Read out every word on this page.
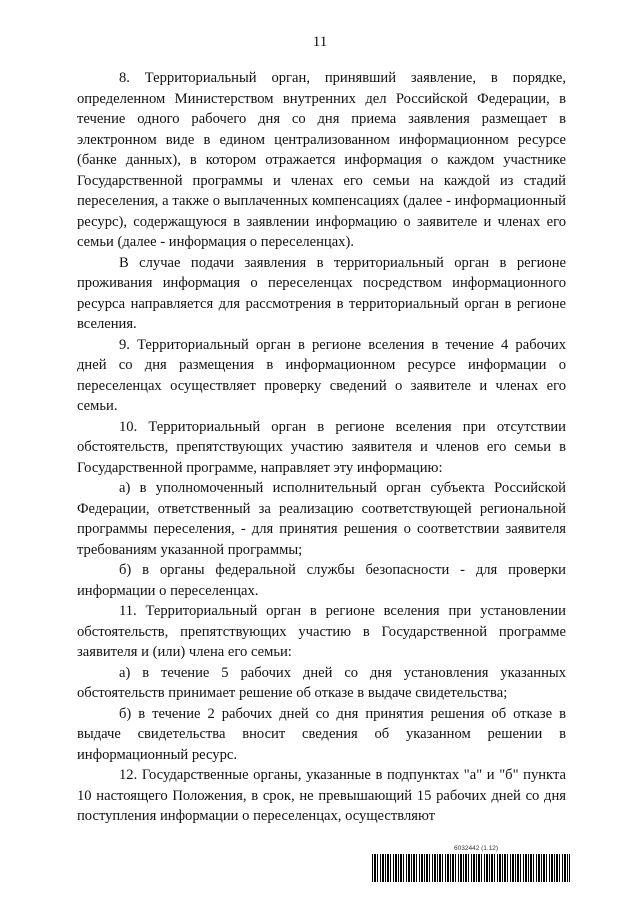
11

8. Территориальный орган, принявший заявление, в порядке, определенном Министерством внутренних дел Российской Федерации, в течение одного рабочего дня со дня приема заявления размещает в электронном виде в едином централизованном информационном ресурсе (банке данных), в котором отражается информация о каждом участнике Государственной программы и членах его семьи на каждой из стадий переселения, а также о выплаченных компенсациях (далее - информационный ресурс), содержащуюся в заявлении информацию о заявителе и членах его семьи (далее - информация о переселенцах).

В случае подачи заявления в территориальный орган в регионе проживания информация о переселенцах посредством информационного ресурса направляется для рассмотрения в территориальный орган в регионе вселения.

9. Территориальный орган в регионе вселения в течение 4 рабочих дней со дня размещения в информационном ресурсе информации о переселенцах осуществляет проверку сведений о заявителе и членах его семьи.

10. Территориальный орган в регионе вселения при отсутствии обстоятельств, препятствующих участию заявителя и членов его семьи в Государственной программе, направляет эту информацию:

а) в уполномоченный исполнительный орган субъекта Российской Федерации, ответственный за реализацию соответствующей региональной программы переселения, - для принятия решения о соответствии заявителя требованиям указанной программы;

б) в органы федеральной службы безопасности - для проверки информации о переселенцах.

11. Территориальный орган в регионе вселения при установлении обстоятельств, препятствующих участию в Государственной программе заявителя и (или) члена его семьи:

а) в течение 5 рабочих дней со дня установления указанных обстоятельств принимает решение об отказе в выдаче свидетельства;

б) в течение 2 рабочих дней со дня принятия решения об отказе в выдаче свидетельства вносит сведения об указанном решении в информационный ресурс.

12. Государственные органы, указанные в подпунктах "а" и "б" пункта 10 настоящего Положения, в срок, не превышающий 15 рабочих дней со дня поступления информации о переселенцах, осуществляют

6032442 (1.12)
